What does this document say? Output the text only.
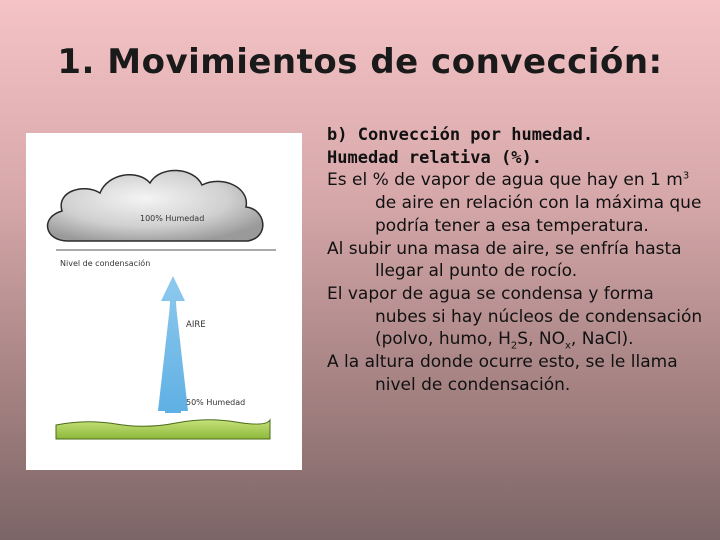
1. Movimientos de convección:
100% Humedad
Nivel de condensación
AIRE
50% Humedad

b) Convección por humedad.

Humedad relativa (%).

Es el % de vapor de agua que hay en 1 $m^3$ de aire en relación con la máxima que podría tener a esa temperatura.

Al subir una masa de aire, se enfría hasta llegar al punto de rocío.

El vapor de agua se condensa y forma nubes si hay núcleos de condensación (polvo, humo, $H_2S$, $NO_x$, NaCl).

A la altura donde ocurre esto, se le llama nivel de condensación.
